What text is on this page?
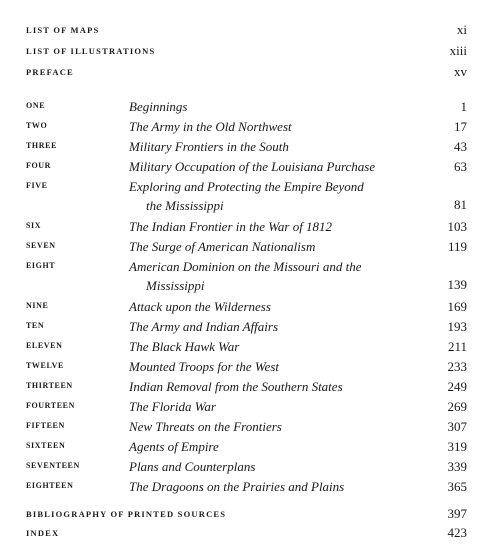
LIST OF MAPS	xi
LIST OF ILLUSTRATIONS	xiii
PREFACE	xv
ONE	Beginnings	1
TWO	The Army in the Old Northwest	17
THREE	Military Frontiers in the South	43
FOUR	Military Occupation of the Louisiana Purchase	63
FIVE	Exploring and Protecting the Empire Beyond
the Mississippi	81
SIX	The Indian Frontier in the War of 1812	103
SEVEN	The Surge of American Nationalism	119
EIGHT	American Dominion on the Missouri and the
Mississippi	139
NINE	Attack upon the Wilderness	169
TEN	The Army and Indian Affairs	193
ELEVEN	The Black Hawk War	211
TWELVE	Mounted Troops for the West	233
THIRTEEN	Indian Removal from the Southern States	249
FOURTEEN	The Florida War	269
FIFTEEN	New Threats on the Frontiers	307
SIXTEEN	Agents of Empire	319
SEVENTEEN	Plans and Counterplans	339
EIGHTEEN	The Dragoons on the Prairies and Plains	365
BIBLIOGRAPHY OF PRINTED SOURCES	397
INDEX	423
